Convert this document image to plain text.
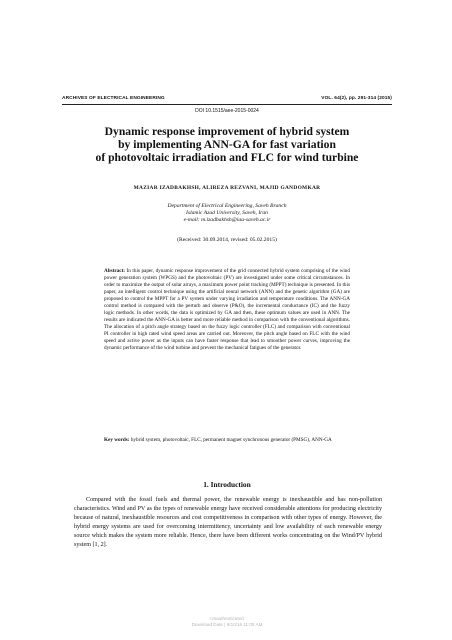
ARCHIVES OF ELECTRICAL ENGINEERING	VOL. 64(2), pp. 291-314 (2015)
DOI 10.1515/aee-2015-0024
Dynamic response improvement of hybrid system
by implementing ANN-GA for fast variation
of photovoltaic irradiation and FLC for wind turbine
MAZIAR IZADBAKHSH, ALIREZA REZVANI, MAJID GANDOMKAR
Department of Electrical Engineering, Saveh Branch
Islamic Azad University, Saveh, Iran
e-mail: m.izadbakhsh@iau-saveh.ac.ir
(Received: 30.09.2014, revised: 05.02.2015)
Abstract: In this paper, dynamic response improvement of the grid connected hybrid system comprising of the wind power generation system (WPGS) and the photovoltaic (PV) are investigated under some critical circumstances. In order to maximize the output of solar arrays, a maximum power point tracking (MPPT) technique is presented. In this paper, an intelligent control technique using the artificial neural network (ANN) and the genetic algorithm (GA) are proposed to control the MPPT for a PV system under varying irradiation and temperature conditions. The ANN-GA control method is compared with the perturb and observe (P&O), the incremental conductance (IC) and the fuzzy logic methods. In other words, the data is optimized by GA and then, these optimum values are used in ANN. The results are indicated the ANN-GA is better and more reliable method in comparison with the conventional algorithms. The allocation of a pitch angle strategy based on the fuzzy logic controller (FLC) and comparison with conventional PI controller in high rated wind speed areas are carried out. Moreover, the pitch angle based on FLC with the wind speed and active power as the inputs can have faster response that lead to smoother power curves, improving the dynamic performance of the wind turbine and prevent the mechanical fatigues of the generator.
Key words: hybrid system, photovoltaic, FLC, permanent magnet synchronous generator (PMSG), ANN-GA
1. Introduction
Compared with the fossil fuels and thermal power, the renewable energy is inexhaustible and has non-pollution characteristics. Wind and PV as the types of renewable energy have received considerable attentions for producing electricity because of natural, inexhaustible resources and cost competitiveness in comparison with other types of energy. However, the hybrid energy systems are used for overcoming intermittency, uncertainty and low availability of each renewable energy source which makes the system more reliable. Hence, there have been different works concentrating on the Wind/PV hybrid system [1, 2].
Unauthenticated
Download Date | 9/10/16 11:09 AM
